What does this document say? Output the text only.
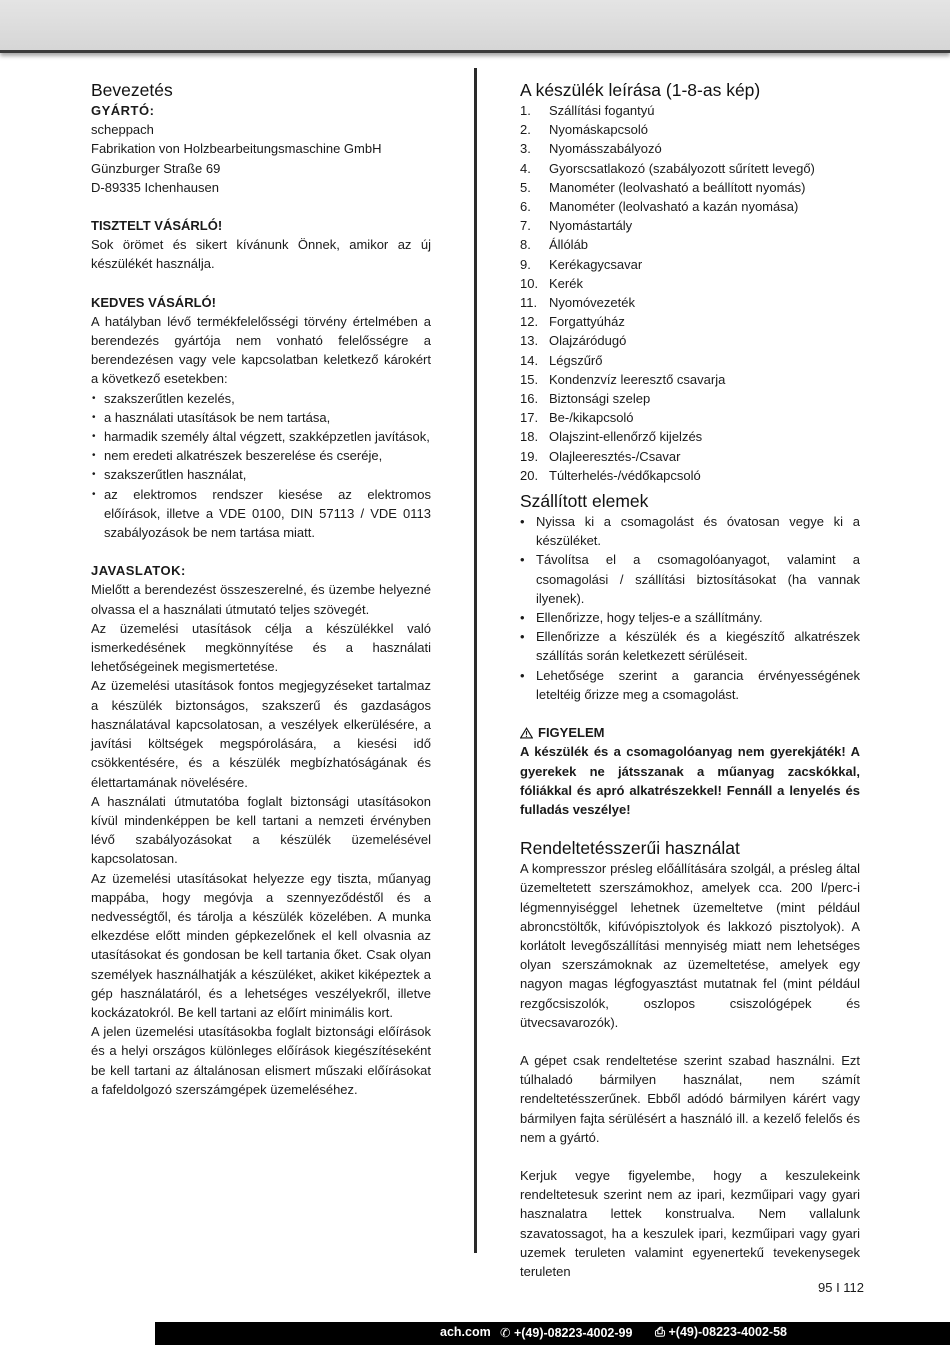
Bevezetés

GYÁRTÓ:

scheppach

Fabrikation von Holzbearbeitungsmaschine GmbH

Günzburger Straße 69

D-89335 Ichenhausen

TISZTELT VÁSÁRLÓ!

Sok örömet és sikert kívánunk Önnek, amikor az új készülékét használja.

KEDVES VÁSÁRLÓ!

A hatályban lévő termékfelelősségi törvény értelmében a berendezés gyártója nem vonható felelősségre a berendezésen vagy vele kapcsolatban keletkező károkért a következő esetekben:

• szakszerűtlen kezelés,
• a használati utasítások be nem tartása,
• harmadik személy által végzett, szakképzetlen javítások,
• nem eredeti alkatrészek beszerelése és cseréje,
• szakszerűtlen használat,
• az elektromos rendszer kiesése az elektromos előírások, illetve a VDE 0100, DIN 57113 / VDE 0113 szabályozások be nem tartása miatt.

JAVASLATOK:

Mielőtt a berendezést összeszerelné, és üzembe helyezné olvassa el a használati útmutató teljes szövegét.

Az üzemelési utasítások célja a készülékkel való ismerkedésének megkönnyítése és a használati lehetőségeinek megismertetése.

Az üzemelési utasítások fontos megjegyzéseket tartalmaz a készülék biztonságos, szakszerű és gazdaságos használatával kapcsolatosan, a veszélyek elkerülésére, a javítási költségek megspórolására, a kiesési idő csökkentésére, és a készülék megbízhatóságának és élettartamának növelésére.

A használati útmutatóba foglalt biztonsági utasításokon kívül mindenképpen be kell tartani a nemzeti érvényben lévő szabályozásokat a készülék üzemelésével kapcsolatosan.

Az üzemelési utasításokat helyezze egy tiszta, műanyag mappába, hogy megóvja a szennyeződéstől és a nedvességtől, és tárolja a készülék közelében. A munka elkezdése előtt minden gépkezelőnek el kell olvasnia az utasításokat és gondosan be kell tartania őket. Csak olyan személyek használhatják a készüléket, akiket kiképeztek a gép használatáról, és a lehetséges veszélyekről, illetve kockázatokról. Be kell tartani az előírt minimális kort.

A jelen üzemelési utasításokba foglalt biztonsági előírások és a helyi országos különleges előírások kiegészítéseként be kell tartani az általánosan elismert műszaki előírásokat a fafeldolgozó szerszámgépek üzemeléséhez.

A készülék leírása (1-8-as kép)
1.	Szállítási fogantyú
2.	Nyomáskapcsoló
3.	Nyomásszabályozó
4.	Gyorscsatlakozó (szabályozott sűrített levegő)
5.	Manométer (leolvasható a beállított nyomás)
6.	Manométer (leolvasható a kazán nyomása)
7.	Nyomástartály
8.	Állóláb
9.	Kerékagycsavar
10. Kerék
11. Nyomóvezeték
12. Forgattyúház
13. Olajzáródugó
14. Légszűrő
15. Kondenzvíz leeresztő csavarja
16. Biztonsági szelep
17. Be-/kikapcsoló
18. Olajszint-ellenőrző kijelzés
19. Olajleeresztés-/Csavar
20. Túlterhelés-/védőkapcsoló
Szállított elemek
• Nyissa ki a csomagolást és óvatosan vegye ki a készüléket.
• Távolítsa el a csomagolóanyagot, valamint a csomagolási / szállítási biztosításokat (ha vannak ilyenek).
• Ellenőrizze, hogy teljes-e a szállítmány.
• Ellenőrizze a készülék és a kiegészítő alkatrészek szállítás során keletkezett sérüléseit.
• Lehetősége szerint a garancia érvényességének leteltéig őrizze meg a csomagolást.

FIGYELEM

A készülék és a csomagolóanyag nem gyerekjáték! A gyerekek ne játsszanak a műanyag zacskókkal, fóliákkal és apró alkatrészekkel! Fennáll a lenyelés és fulladás veszélye!

Rendeltetésszerűi használat

A kompresszor présleg előállítására szolgál, a présleg által üzemeltetett szerszámokhoz, amelyek cca. 200 l/perc-i légmennyiséggel lehetnek üzemeltetve (mint például abroncstöltők, kifúvópisztolyok és lakkozó pisztolyok). A korlátolt levegőszállítási mennyiség miatt nem lehetséges olyan szerszámoknak az üzemeltetése, amelyek egy nagyon magas légfogyasztást mutatnak fel (mint például rezgőcsiszolók, oszlopos csiszológépek és ütvecsavarozók).

A gépet csak rendeltetése szerint szabad használni. Ezt túlhaladó bármilyen használat, nem számít rendeltetésszerűnek. Ebből adódó bármilyen kárért vagy bármilyen fajta sérülésért a használó ill. a kezelő felelős és nem a gyártó.

Kerjuk vegye figyelembe, hogy a keszulekeink rendeltetesuk szerint nem az ipari, kezműipari vagy gyari hasznalatra lettek konstrualva. Nem vallalunk szavatossagot, ha a keszulek ipari, kezműipari vagy gyari uzemek teruleten valamint egyenertekű tevekenysegek teruleten

95 I 112
ach.com ✆ +(49)-08223-4002-99 ⎙ +(49)-08223-4002-58
